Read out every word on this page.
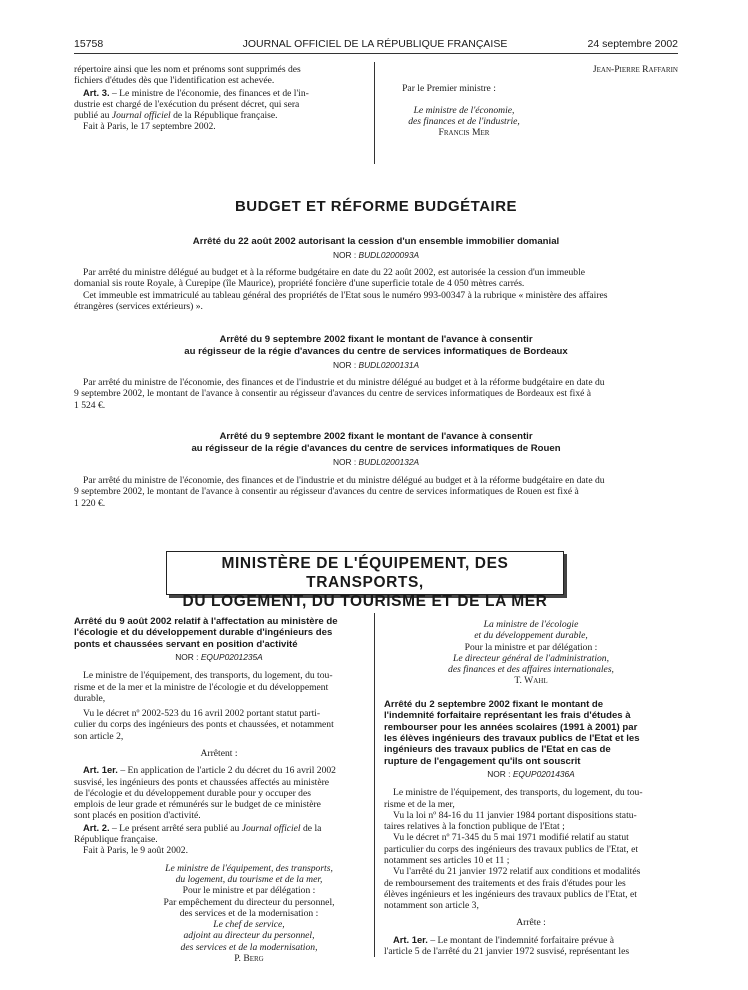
15758	JOURNAL OFFICIEL DE LA RÉPUBLIQUE FRANÇAISE	24 septembre 2002
répertoire ainsi que les nom et prénoms sont supprimés des
fichiers d'études dès que l'identification est achevée.
Art. 3. – Le ministre de l'économie, des finances et de l'in-
dustrie est chargé de l'exécution du présent décret, qui sera
publié au Journal officiel de la République française.
Fait à Paris, le 17 septembre 2002.
Jean-Pierre Raffarin
Par le Premier ministre :
Le ministre de l'économie,
des finances et de l'industrie,
Francis Mer
BUDGET ET RÉFORME BUDGÉTAIRE
Arrêté du 22 août 2002 autorisant la cession d'un ensemble immobilier domanial
NOR : BUDL0200093A
Par arrêté du ministre délégué au budget et à la réforme budgétaire en date du 22 août 2002, est autorisée la cession d'un immeuble
domanial sis route Royale, à Curepipe (île Maurice), propriété foncière d'une superficie totale de 4 050 mètres carrés.
Cet immeuble est immatriculé au tableau général des propriétés de l'Etat sous le numéro 993-00347 à la rubrique « ministère des affaires
étrangères (services extérieurs) ».
Arrêté du 9 septembre 2002 fixant le montant de l'avance à consentir
au régisseur de la régie d'avances du centre de services informatiques de Bordeaux
NOR : BUDL0200131A
Par arrêté du ministre de l'économie, des finances et de l'industrie et du ministre délégué au budget et à la réforme budgétaire en date du
9 septembre 2002, le montant de l'avance à consentir au régisseur d'avances du centre de services informatiques de Bordeaux est fixé à
1 524 €.
Arrêté du 9 septembre 2002 fixant le montant de l'avance à consentir
au régisseur de la régie d'avances du centre de services informatiques de Rouen
NOR : BUDL0200132A
Par arrêté du ministre de l'économie, des finances et de l'industrie et du ministre délégué au budget et à la réforme budgétaire en date du
9 septembre 2002, le montant de l'avance à consentir au régisseur d'avances du centre de services informatiques de Rouen est fixé à
1 220 €.
MINISTÈRE DE L'ÉQUIPEMENT, DES TRANSPORTS,
DU LOGEMENT, DU TOURISME ET DE LA MER
Arrêté du 9 août 2002 relatif à l'affectation au ministère de
l'écologie et du développement durable d'ingénieurs des
ponts et chaussées servant en position d'activité
NOR : EQUP0201235A
Le ministre de l'équipement, des transports, du logement, du tou-
risme et de la mer et la ministre de l'écologie et du développement
durable,
Vu le décret nº 2002-523 du 16 avril 2002 portant statut parti-
culier du corps des ingénieurs des ponts et chaussées, et notamment
son article 2,
Arrêtent :
Art. 1er. – En application de l'article 2 du décret du 16 avril 2002
susvisé, les ingénieurs des ponts et chaussées affectés au ministère
de l'écologie et du développement durable pour y occuper des
emplois de leur grade et rémunérés sur le budget de ce ministère
sont placés en position d'activité.
Art. 2. – Le présent arrêté sera publié au Journal officiel de la
République française.
Fait à Paris, le 9 août 2002.
Le ministre de l'équipement, des transports,
du logement, du tourisme et de la mer,
Pour le ministre et par délégation :
Par empêchement du directeur du personnel,
des services et de la modernisation :
Le chef de service,
adjoint au directeur du personnel,
des services et de la modernisation,
P. Berg
La ministre de l'écologie
et du développement durable,
Pour la ministre et par délégation :
Le directeur général de l'administration,
des finances et des affaires internationales,
T. Wahl
Arrêté du 2 septembre 2002 fixant le montant de
l'indemnité forfaitaire représentant les frais d'études à
rembourser pour les années scolaires (1991 à 2001) par
les élèves ingénieurs des travaux publics de l'Etat et les
ingénieurs des travaux publics de l'Etat en cas de
rupture de l'engagement qu'ils ont souscrit
NOR : EQUP0201436A
Le ministre de l'équipement, des transports, du logement, du tou-
risme et de la mer,
Vu la loi nº 84-16 du 11 janvier 1984 portant dispositions statu-
taires relatives à la fonction publique de l'Etat ;
Vu le décret nº 71-345 du 5 mai 1971 modifié relatif au statut
particulier du corps des ingénieurs des travaux publics de l'Etat, et
notamment ses articles 10 et 11 ;
Vu l'arrêté du 21 janvier 1972 relatif aux conditions et modalités
de remboursement des traitements et des frais d'études pour les
élèves ingénieurs et les ingénieurs des travaux publics de l'Etat, et
notamment son article 3,
Arrête :
Art. 1er. – Le montant de l'indemnité forfaitaire prévue à
l'article 5 de l'arrêté du 21 janvier 1972 susvisé, représentant les
